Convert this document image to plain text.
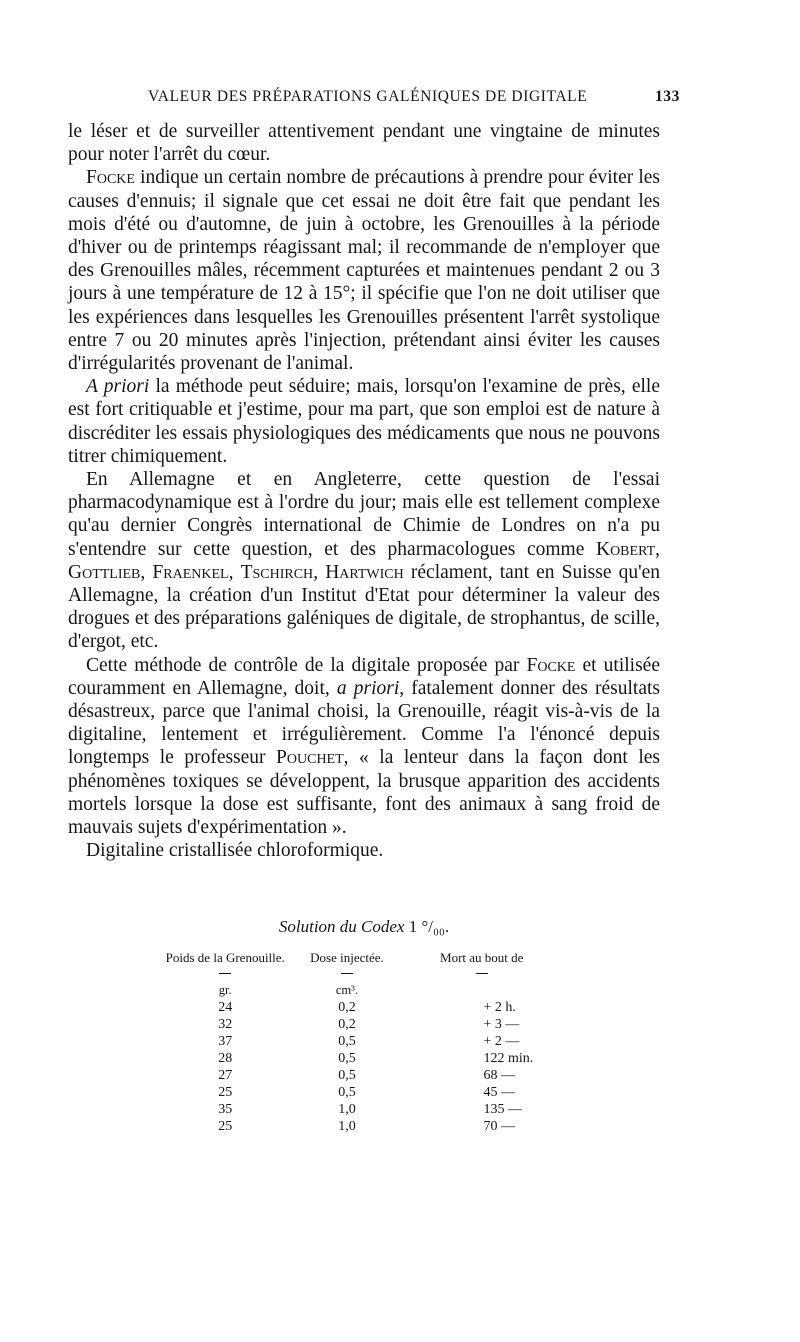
VALEUR DES PRÉPARATIONS GALÉNIQUES DE DIGITALE	133

le léser et de surveiller attentivement pendant une vingtaine de minutes pour noter l'arrêt du cœur.

Focke indique un certain nombre de précautions à prendre pour éviter les causes d'ennuis; il signale que cet essai ne doit être fait que pendant les mois d'été ou d'automne, de juin à octobre, les Grenouilles à la période d'hiver ou de printemps réagissant mal; il recommande de n'employer que des Grenouilles mâles, récemment capturées et maintenues pendant 2 ou 3 jours à une température de 12 à 15°; il spécifie que l'on ne doit utiliser que les expériences dans lesquelles les Grenouilles présentent l'arrêt systolique entre 7 ou 20 minutes après l'injection, prétendant ainsi éviter les causes d'irrégularités provenant de l'animal.

A priori la méthode peut séduire; mais, lorsqu'on l'examine de près, elle est fort critiquable et j'estime, pour ma part, que son emploi est de nature à discréditer les essais physiologiques des médicaments que nous ne pouvons titrer chimiquement.

En Allemagne et en Angleterre, cette question de l'essai pharmacodynamique est à l'ordre du jour; mais elle est tellement complexe qu'au dernier Congrès international de Chimie de Londres on n'a pu s'entendre sur cette question, et des pharmacologues comme Kobert, Gottlieb, Fraenkel, Tschirch, Hartwich réclament, tant en Suisse qu'en Allemagne, la création d'un Institut d'Etat pour déterminer la valeur des drogues et des préparations galéniques de digitale, de strophantus, de scille, d'ergot, etc.

Cette méthode de contrôle de la digitale proposée par Focke et utilisée couramment en Allemagne, doit, a priori, fatalement donner des résultats désastreux, parce que l'animal choisi, la Grenouille, réagit vis-à-vis de la digitaline, lentement et irrégulièrement. Comme l'a l'énoncé depuis longtemps le professeur Pouchet, « la lenteur dans la façon dont les phénomènes toxiques se développent, la brusque apparition des accidents mortels lorsque la dose est suffisante, font des animaux à sang froid de mauvais sujets d'expérimentation ».

Digitaline cristallisée chloroformique.

Solution du Codex 1 °/₀₀.
Poids de la Grenouille.	Dose injectée.	Mort au bout de

gr.	cm³.	
24	0,2	+ 2 h.
32	0,2	+ 3 —
37	0,5	+ 2 —
28	0,5	122 min.
27	0,5	68 —
25	0,5	45 —
35	1,0	135 —
25	1,0	70 —
